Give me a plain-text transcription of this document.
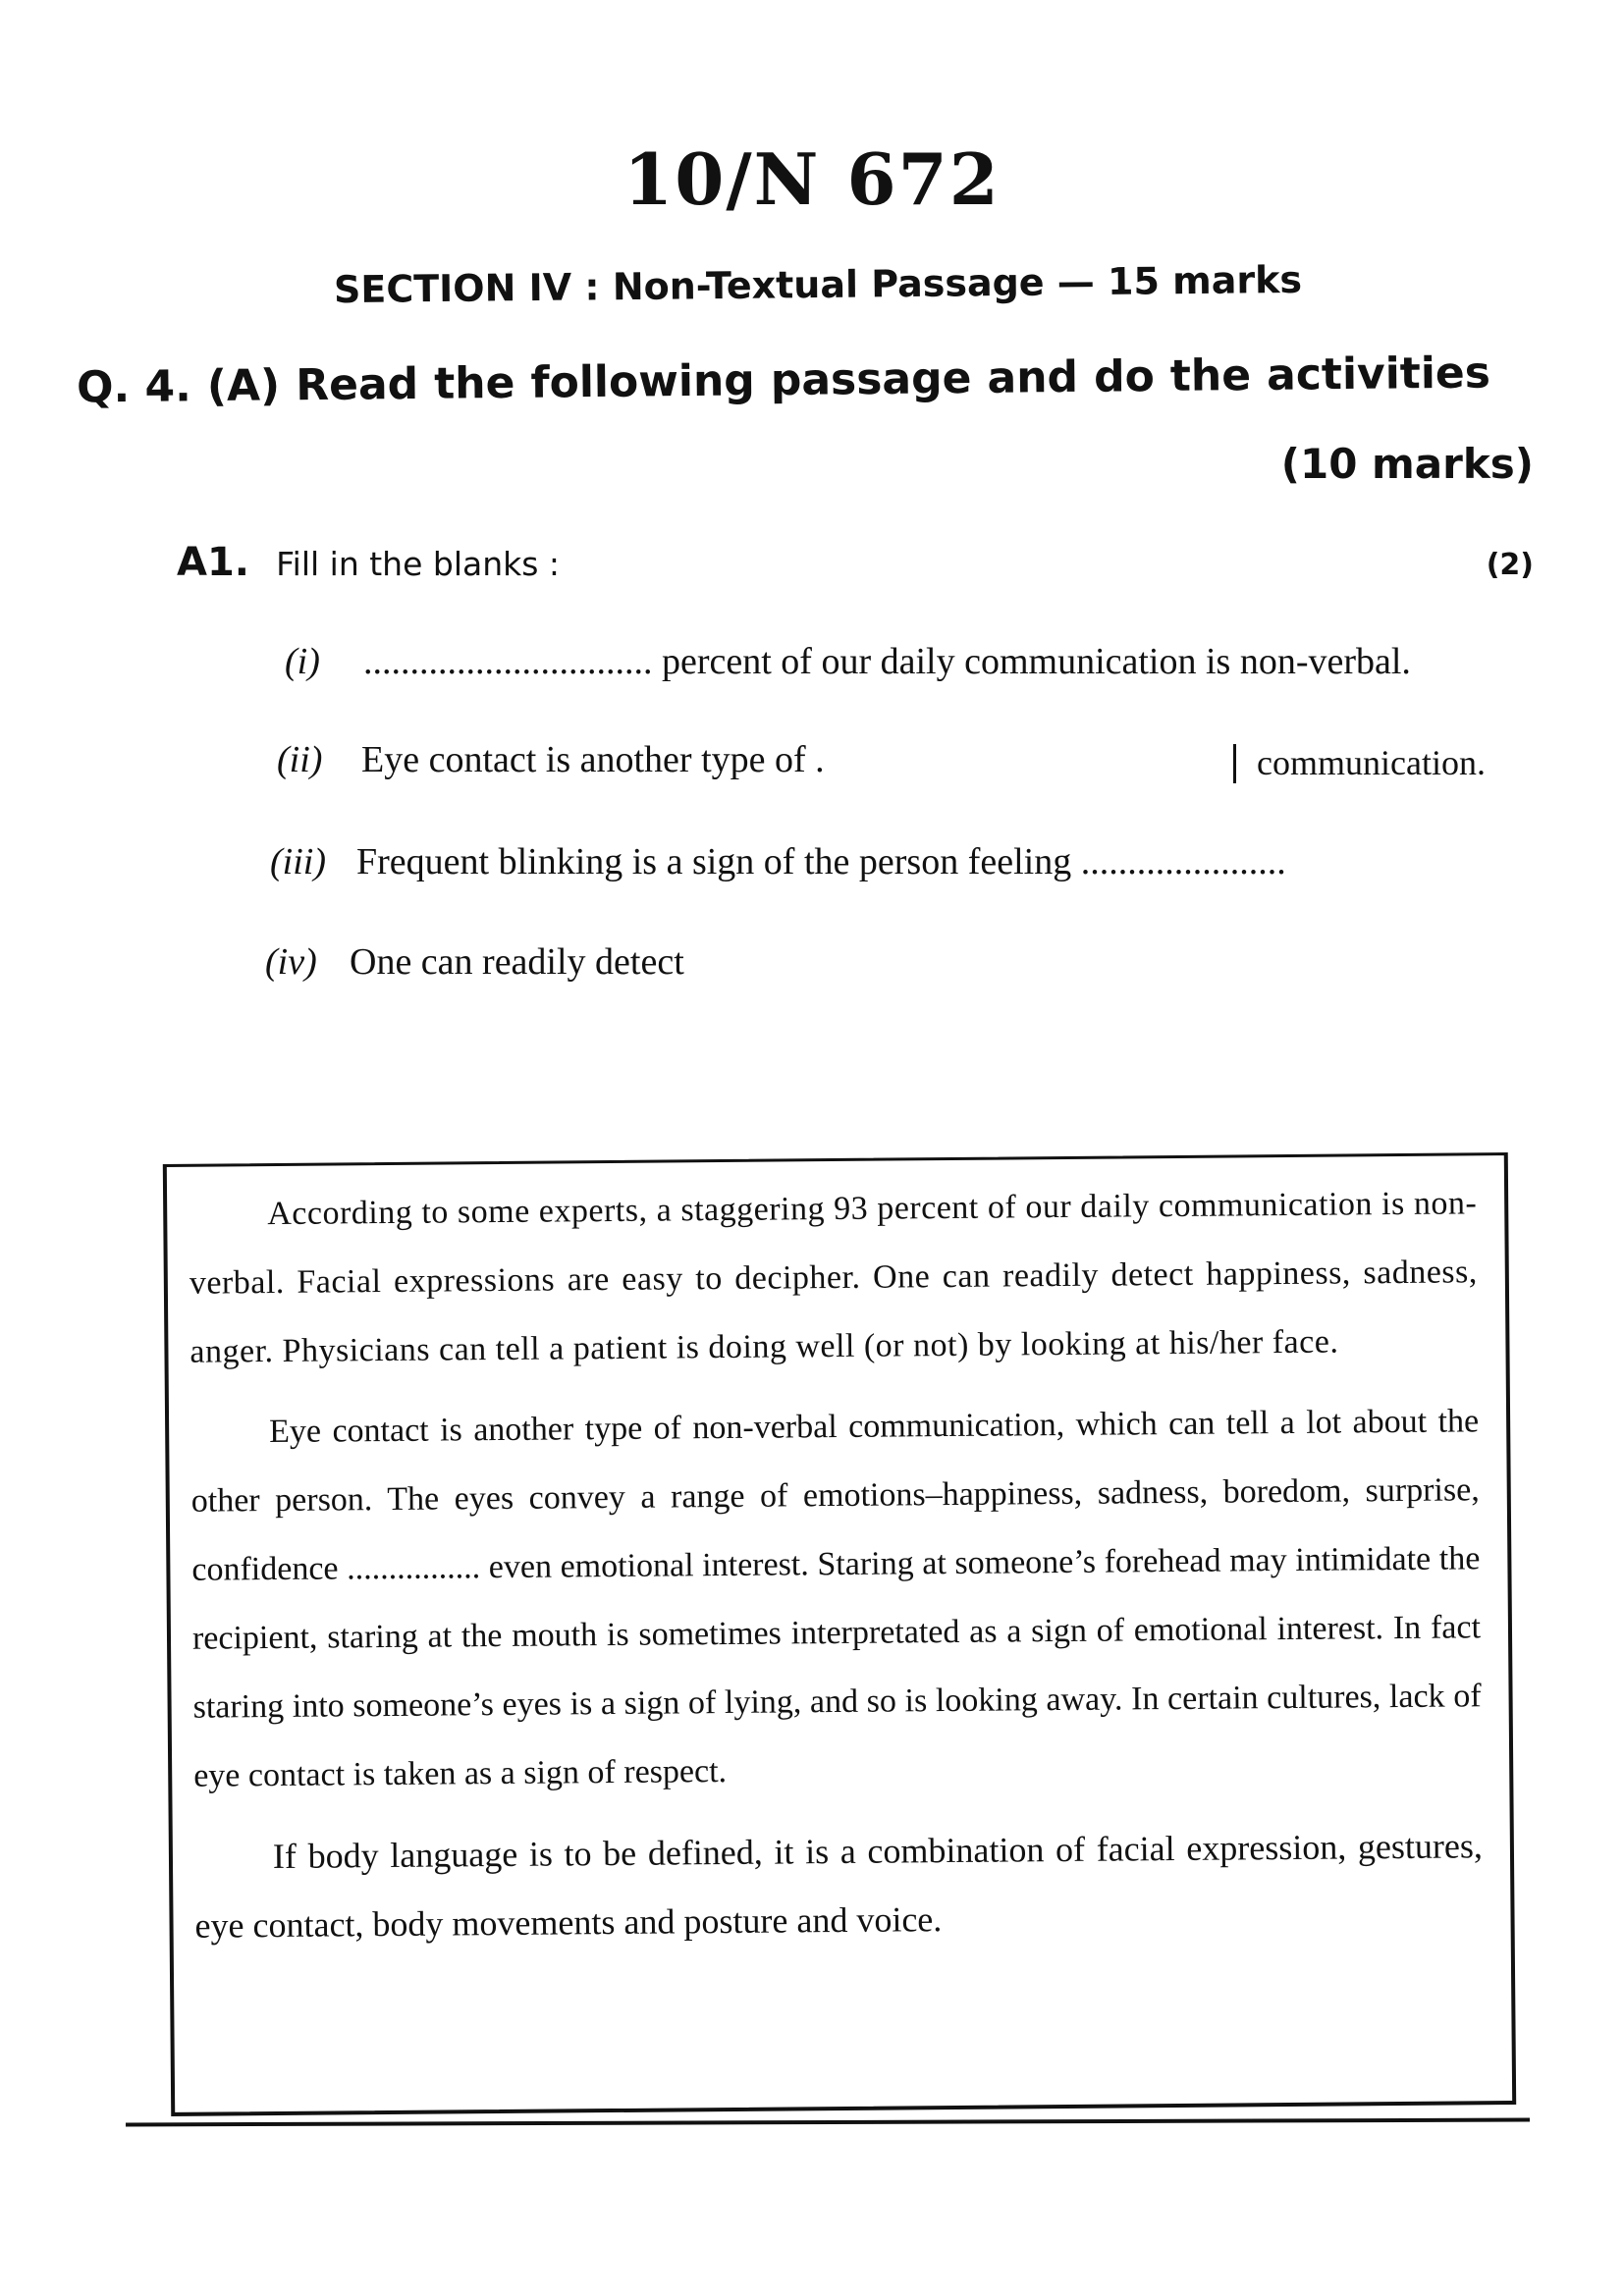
10/N 672
SECTION IV : Non-Textual Passage — 15 marks
Q. 4. (A) Read the following passage and do the activities
(10 marks)
A1. Fill in the blanks :	(2)
(i) ............................... percent of our daily communication is non-verbal.
(ii) Eye contact is another type of .	communication.
(iii) Frequent blinking is a sign of the person feeling ......................
(iv) One can readily detect

According to some experts, a staggering 93 percent of our daily communication is non-verbal. Facial expressions are easy to decipher. One can readily detect happiness, sadness, anger. Physicians can tell a patient is doing well (or not) by looking at his/her face.

Eye contact is another type of non-verbal communication, which can tell a lot about the other person. The eyes convey a range of emotions–happiness, sadness, boredom, surprise, confidence ................ even emotional interest. Staring at someone’s forehead may intimidate the recipient, staring at the mouth is sometimes interpretated as a sign of emotional interest. In fact staring into someone’s eyes is a sign of lying, and so is looking away. In certain cultures, lack of eye contact is taken as a sign of respect.

If body language is to be defined, it is a combination of facial expression, gestures, eye contact, body movements and posture and voice.
